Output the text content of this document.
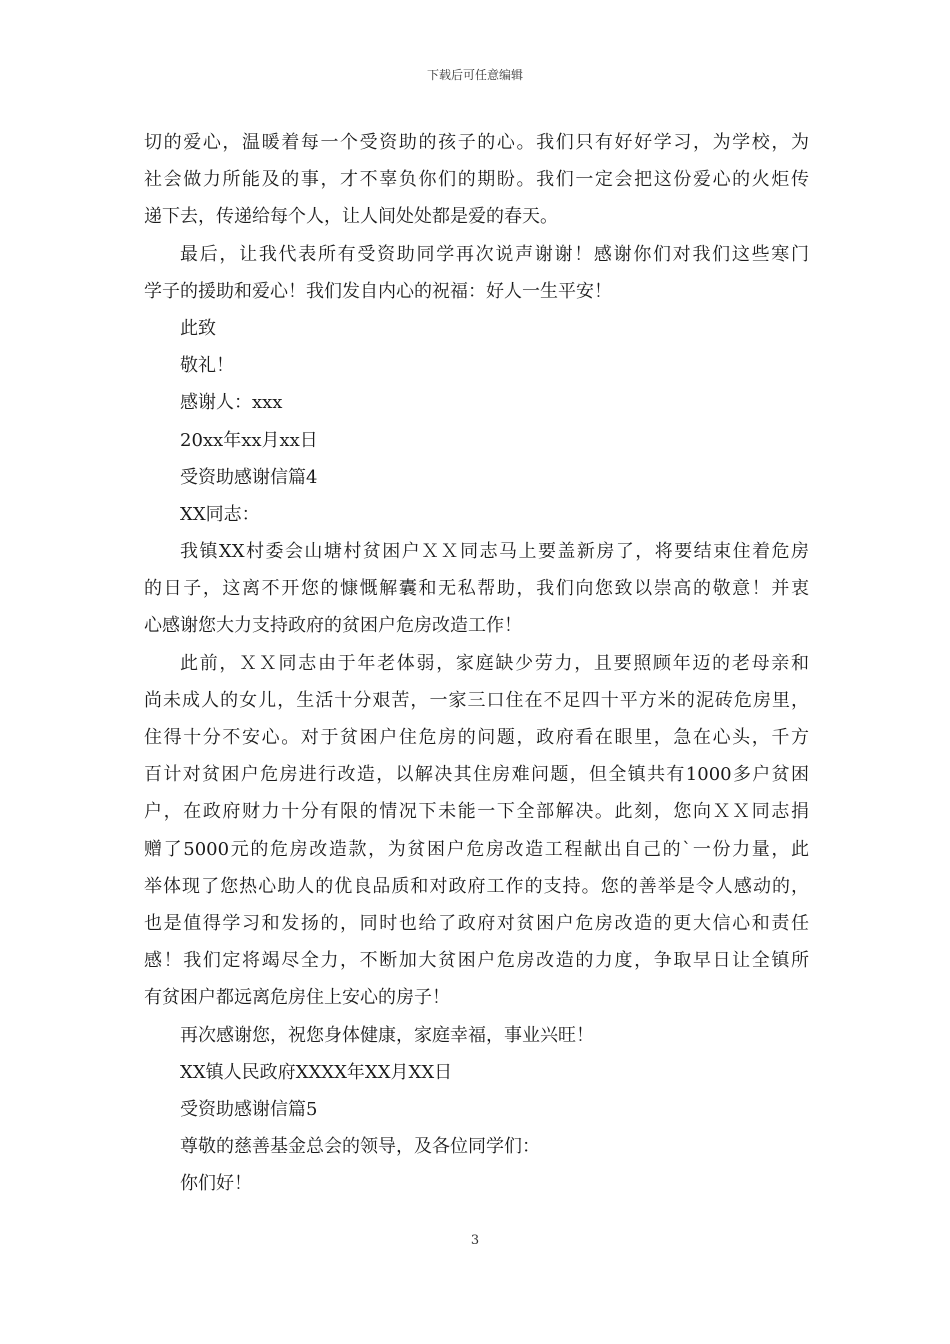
下载后可任意编辑
切的爱心，温暖着每一个受资助的孩子的心。我们只有好好学习，为学校，为
社会做力所能及的事，才不辜负你们的期盼。我们一定会把这份爱心的火炬传
递下去，传递给每个人，让人间处处都是爱的春天。
最后，让我代表所有受资助同学再次说声谢谢！感谢你们对我们这些寒门
学子的援助和爱心！我们发自内心的祝福：好人一生平安！
此致
敬礼！
感谢人：xxx
20xx年xx月xx日
受资助感谢信篇4
XX同志：
我镇XX村委会山塘村贫困户ＸＸ同志马上要盖新房了，将要结束住着危房
的日子，这离不开您的慷慨解囊和无私帮助，我们向您致以崇高的敬意！并衷
心感谢您大力支持政府的贫困户危房改造工作！
此前，ＸＸ同志由于年老体弱，家庭缺少劳力，且要照顾年迈的老母亲和
尚未成人的女儿，生活十分艰苦，一家三口住在不足四十平方米的泥砖危房里，
住得十分不安心。对于贫困户住危房的问题，政府看在眼里，急在心头，千方
百计对贫困户危房进行改造，以解决其住房难问题，但全镇共有1000多户贫困
户，在政府财力十分有限的情况下未能一下全部解决。此刻，您向ＸＸ同志捐
赠了5000元的危房改造款，为贫困户危房改造工程献出自己的`一份力量，此
举体现了您热心助人的优良品质和对政府工作的支持。您的善举是令人感动的，
也是值得学习和发扬的，同时也给了政府对贫困户危房改造的更大信心和责任
感！我们定将竭尽全力，不断加大贫困户危房改造的力度，争取早日让全镇所
有贫困户都远离危房住上安心的房子！
再次感谢您，祝您身体健康，家庭幸福，事业兴旺！
XX镇人民政府XXXX年XX月XX日
受资助感谢信篇5
尊敬的慈善基金总会的领导，及各位同学们：
你们好！
3
